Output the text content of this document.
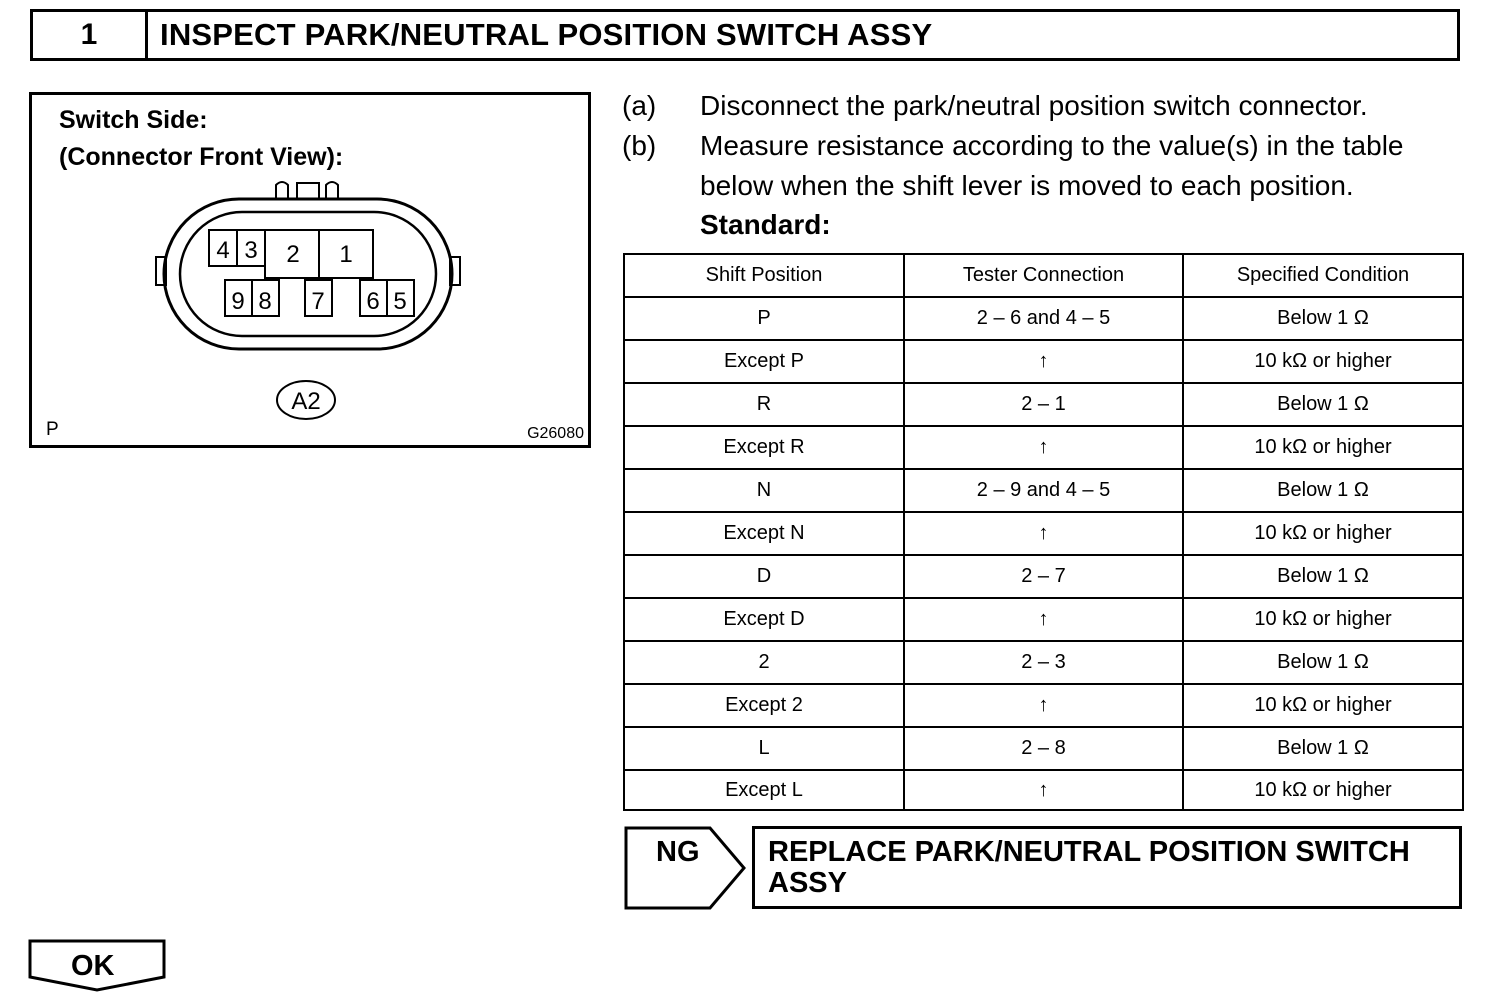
1	INSPECT PARK/NEUTRAL POSITION SWITCH ASSY
Switch Side:
(Connector Front View):
4 3 2 1
9 8 7 6 5
A2
P	G26080
(a) Disconnect the park/neutral position switch connector.
(b) Measure resistance according to the value(s) in the table
below when the shift lever is moved to each position.
Standard:
Shift Position	Tester Connection	Specified Condition
P	2 – 6 and 4 – 5	Below 1 Ω
Except P	↑	10 kΩ or higher
R	2 – 1	Below 1 Ω
Except R	↑	10 kΩ or higher
N	2 – 9 and 4 – 5	Below 1 Ω
Except N	↑	10 kΩ or higher
D	2 – 7	Below 1 Ω
Except D	↑	10 kΩ or higher
2	2 – 3	Below 1 Ω
Except 2	↑	10 kΩ or higher
L	2 – 8	Below 1 Ω
Except L	↑	10 kΩ or higher
NG REPLACE PARK/NEUTRAL POSITION SWITCH
ASSY
OK
